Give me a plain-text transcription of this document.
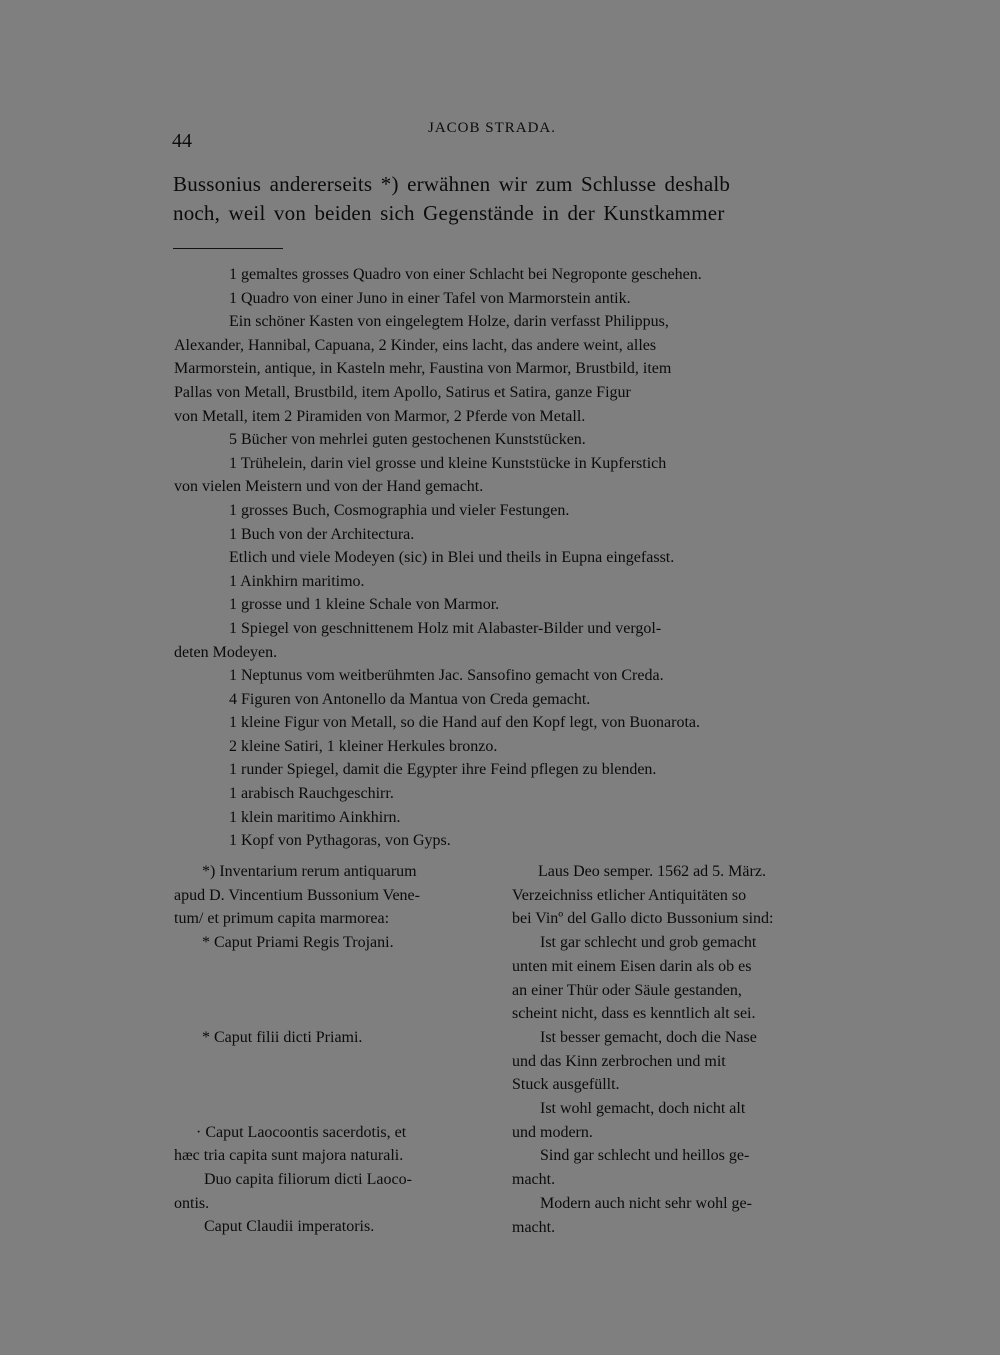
44
JACOB STRADA.
Bussonius andererseits *) erwähnen wir zum Schlusse deshalb
noch, weil von beiden sich Gegenstände in der Kunstkammer
1 gemaltes grosses Quadro von einer Schlacht bei Negroponte geschehen.
1 Quadro von einer Juno in einer Tafel von Marmorstein antik.
Ein schöner Kasten von eingelegtem Holze, darin verfasst Philippus,
Alexander, Hannibal, Capuana, 2 Kinder, eins lacht, das andere weint, alles
Marmorstein, antique, in Kasteln mehr, Faustina von Marmor, Brustbild, item
Pallas von Metall, Brustbild, item Apollo, Satirus et Satira, ganze Figur
von Metall, item 2 Piramiden von Marmor, 2 Pferde von Metall.
5 Bücher von mehrlei guten gestochenen Kunststücken.
1 Trühelein, darin viel grosse und kleine Kunststücke in Kupferstich
von vielen Meistern und von der Hand gemacht.
1 grosses Buch, Cosmographia und vieler Festungen.
1 Buch von der Architectura.
Etlich und viele Modeyen (sic) in Blei und theils in Eupna eingefasst.
1 Ainkhirn maritimo.
1 grosse und 1 kleine Schale von Marmor.
1 Spiegel von geschnittenem Holz mit Alabaster-Bilder und vergol-
deten Modeyen.
1 Neptunus vom weitberühmten Jac. Sansofino gemacht von Creda.
4 Figuren von Antonello da Mantua von Creda gemacht.
1 kleine Figur von Metall, so die Hand auf den Kopf legt, von Buonarota.
2 kleine Satiri, 1 kleiner Herkules bronzo.
1 runder Spiegel, damit die Egypter ihre Feind pflegen zu blenden.
1 arabisch Rauchgeschirr.
1 klein maritimo Ainkhirn.
1 Kopf von Pythagoras, von Gyps.
*) Inventarium rerum antiquarum
apud D. Vincentium Bussonium Vene-
tum/ et primum capita marmorea:
* Caput Priami Regis Trojani.
* Caput filii dicti Priami.
· Caput Laocoontis sacerdotis, et
hæc tria capita sunt majora naturali.
Duo capita filiorum dicti Laoco-
ontis.
Caput Claudii imperatoris.
Laus Deo semper. 1562 ad 5. März.
Verzeichniss etlicher Antiquitäten so
bei Vinº del Gallo dicto Bussonium sind:
Ist gar schlecht und grob gemacht
unten mit einem Eisen darin als ob es
an einer Thür oder Säule gestanden,
scheint nicht, dass es kenntlich alt sei.
Ist besser gemacht, doch die Nase
und das Kinn zerbrochen und mit
Stuck ausgefüllt.
Ist wohl gemacht, doch nicht alt
und modern.
Sind gar schlecht und heillos ge-
macht.
Modern auch nicht sehr wohl ge-
macht.
